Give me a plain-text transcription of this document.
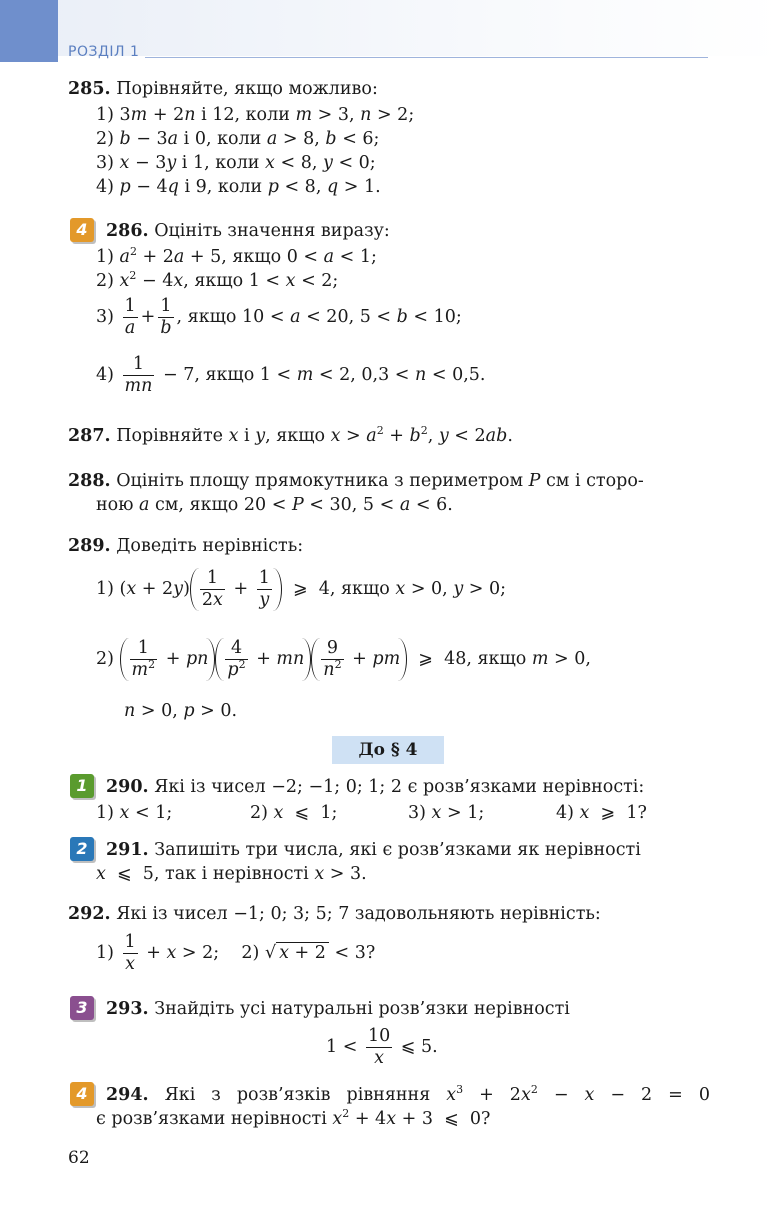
РОЗДІЛ 1
285. Порівняйте, якщо можливо:
1) 3m + 2n і 12, коли m > 3, n > 2;
2) b − 3a і 0, коли a > 8, b < 6;
3) x − 3y і 1, коли x < 8, y < 0;
4) p − 4q і 9, коли p < 8, q > 1.
4	286. Оцініть значення виразу:
1) $a^2 + 2a + 5$, якщо 0 < a < 1;
2) $x^2 - 4x$, якщо 1 < x < 2;
$3) \frac{1}{a} + \frac{1}{b}$ , якщо 10 < a < 20, 5 < b < 10;
$4) \frac{1}{mn} - 7$, якщо 1 < m < 2, 0,3 < n < 0,5.
287. Порівняйте x і y, якщо $x > a^2 + b^2$, y < 2ab.
288. Оцініть площу прямокутника з периметром P см і сторо-
ною a см, якщо 20 < P < 30, 5 < a < 6.
289. Доведіть нерівність:
1) $(x + 2y) \frac{1}{2x} + \frac{1}{y}$ ⩾  4, якщо x > 0, y > 0;
$2) \frac{1}{m^2}$ + pn $\frac{4}{p^2}$ + mn $\frac{9}{n^2}$ + pm  ⩾  48, якщо m > 0,
n > 0, p > 0.
До § 4
1	290. Які із чисел −2; −1; 0; 1; 2 є розв’язками нерівності:
1) x < 1;	2) x  ⩽  1;	3) x > 1;	4) x  ⩾  1?
2	291. Запишіть три числа, які є розв’язками як нерівності
x  ⩽  5, так і нерівності x > 3.
292. Які із чисел −1; 0; 3; 5; 7 задовольняють нерівність:
$1) \frac{1}{x} + x > 2$;    2) √ x + 2 < 3?
3	293. Знайдіть усі натуральні розв’язки нерівності
$1 < \frac{10}{x}$ ⩽ 5.
4	294. Які з розв’язків рівняння $x^3 + 2x^2 - x - 2 = 0$
є розв’язками нерівності $x^2 + 4x + 3$  ⩽  0?
62
